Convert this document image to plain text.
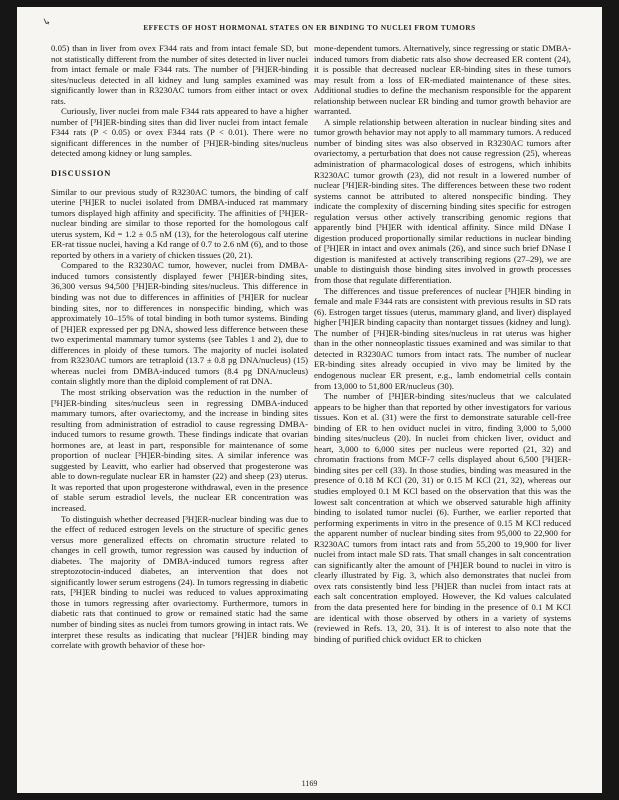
↳	EFFECTS OF HOST HORMONAL STATES ON ER BINDING TO NUCLEI FROM TUMORS

0.05) than in liver from ovex F344 rats and from intact female SD, but not statistically different from the number of sites detected in liver nuclei from intact female or male F344 rats. The number of [³H]ER-binding sites/nucleus detected in all kidney and lung samples examined was significantly lower than in R3230AC tumors from either intact or ovex rats.

Curiously, liver nuclei from male F344 rats appeared to have a higher number of [³H]ER-binding sites than did liver nuclei from intact female F344 rats (P < 0.05) or ovex F344 rats (P < 0.01). There were no significant differences in the number of [³H]ER-binding sites/nucleus detected among kidney or lung samples.

DISCUSSION

Similar to our previous study of R3230AC tumors, the binding of calf uterine [³H]ER to nuclei isolated from DMBA-induced rat mammary tumors displayed high affinity and specificity. The affinities of [³H]ER-nuclear binding are similar to those reported for the homologous calf uterus system, Kd = 1.2 ± 0.5 nM (13), for the heterologous calf uterine ER-rat tissue nuclei, having a Kd range of 0.7 to 2.6 nM (6), and to those reported by others in a variety of chicken tissues (20, 21).

Compared to the R3230AC tumor, however, nuclei from DMBA-induced tumors consistently displayed fewer [³H]ER-binding sites, 36,300 versus 94,500 [³H]ER-binding sites/nucleus. This difference in binding was not due to differences in affinities of [³H]ER for nuclear binding sites, nor to differences in nonspecific binding, which was approximately 10–15% of total binding in both tumor systems. Binding of [³H]ER expressed per pg DNA, showed less difference between these two experimental mammary tumor systems (see Tables 1 and 2), due to differences in ploidy of these tumors. The majority of nuclei isolated from R3230AC tumors are tetraploid (13.7 ± 0.8 pg DNA/nucleus) (15) whereas nuclei from DMBA-induced tumors (8.4 pg DNA/nucleus) contain slightly more than the diploid complement of rat DNA.

The most striking observation was the reduction in the number of [³H]ER-binding sites/nucleus seen in regressing DMBA-induced mammary tumors, after ovariectomy, and the increase in binding sites resulting from administration of estradiol to cause regressing DMBA-induced tumors to resume growth. These findings indicate that ovarian hormones are, at least in part, responsible for maintenance of some proportion of nuclear [³H]ER-binding sites. A similar inference was suggested by Leavitt, who earlier had observed that progesterone was able to down-regulate nuclear ER in hamster (22) and sheep (23) uterus. It was reported that upon progesterone withdrawal, even in the presence of stable serum estradiol levels, the nuclear ER concentration was increased.

To distinguish whether decreased [³H]ER-nuclear binding was due to the effect of reduced estrogen levels on the structure of specific genes versus more generalized effects on chromatin structure related to changes in cell growth, tumor regression was caused by induction of diabetes. The majority of DMBA-induced tumors regress after streptozotocin-induced diabetes, an intervention that does not significantly lower serum estrogens (24). In tumors regressing in diabetic rats, [³H]ER binding to nuclei was reduced to values approximating those in tumors regressing after ovariectomy. Furthermore, tumors in diabetic rats that continued to grow or remained static had the same number of binding sites as nuclei from tumors growing in intact rats. We interpret these results as indicating that nuclear [³H]ER binding may correlate with growth behavior of these hor-

mone-dependent tumors. Alternatively, since regressing or static DMBA-induced tumors from diabetic rats also show decreased ER content (24), it is possible that decreased nuclear ER-binding sites in these tumors may result from a loss of ER-mediated maintenance of these sites. Additional studies to define the mechanism responsible for the apparent relationship between nuclear ER binding and tumor growth behavior are warranted.

A simple relationship between alteration in nuclear binding sites and tumor growth behavior may not apply to all mammary tumors. A reduced number of binding sites was also observed in R3230AC tumors after ovariectomy, a perturbation that does not cause regression (25), whereas administration of pharmacological doses of estrogens, which inhibits R3230AC tumor growth (23), did not result in a lowered number of nuclear [³H]ER-binding sites. The differences between these two rodent systems cannot be attributed to altered nonspecific binding. They indicate the complexity of discerning binding sites specific for estrogen regulation versus other actively transcribing genomic regions that apparently bind [³H]ER with identical affinity. Since mild DNase I digestion produced proportionally similar reductions in nuclear binding of [³H]ER in intact and ovex animals (26), and since such brief DNase I digestion is manifested at actively transcribing regions (27–29), we are unable to distinguish those binding sites involved in growth processes from those that regulate differentiation.

The differences and tissue preferences of nuclear [³H]ER binding in female and male F344 rats are consistent with previous results in SD rats (6). Estrogen target tissues (uterus, mammary gland, and liver) displayed higher [³H]ER binding capacity than nontarget tissues (kidney and lung). The number of [³H]ER-binding sites/nucleus in rat uterus was higher than in the other nonneoplastic tissues examined and was similar to that detected in R3230AC tumors from intact rats. The number of nuclear ER-binding sites already occupied in vivo may be limited by the endogenous nuclear ER present, e.g., lamb endometrial cells contain from 13,000 to 51,800 ER/nucleus (30).

The number of [³H]ER-binding sites/nucleus that we calculated appears to be higher than that reported by other investigators for various tissues. Kon et al. (31) were the first to demonstrate saturable cell-free binding of ER to hen oviduct nuclei in vitro, finding 3,000 to 5,000 binding sites/nucleus (20). In nuclei from chicken liver, oviduct and heart, 3,000 to 6,000 sites per nucleus were reported (21, 32) and chromatin fractions from MCF-7 cells displayed about 6,500 [³H]ER-binding sites per cell (33). In those studies, binding was measured in the presence of 0.18 M KCl (20, 31) or 0.15 M KCl (21, 32), whereas our studies employed 0.1 M KCl based on the observation that this was the lowest salt concentration at which we observed saturable high affinity binding to isolated tumor nuclei (6). Further, we earlier reported that performing experiments in vitro in the presence of 0.15 M KCl reduced the apparent number of nuclear binding sites from 95,000 to 22,900 for R3230AC tumors from intact rats and from 55,200 to 19,900 for liver nuclei from intact male SD rats. That small changes in salt concentration can significantly alter the amount of [³H]ER bound to nuclei in vitro is clearly illustrated by Fig. 3, which also demonstrates that nuclei from ovex rats consistently bind less [³H]ER than nuclei from intact rats at each salt concentration employed. However, the Kd values calculated from the data presented here for binding in the presence of 0.1 M KCl are identical with those observed by others in a variety of systems (reviewed in Refs. 13, 20, 31). It is of interest to also note that the binding of purified chick oviduct ER to chicken

1169
